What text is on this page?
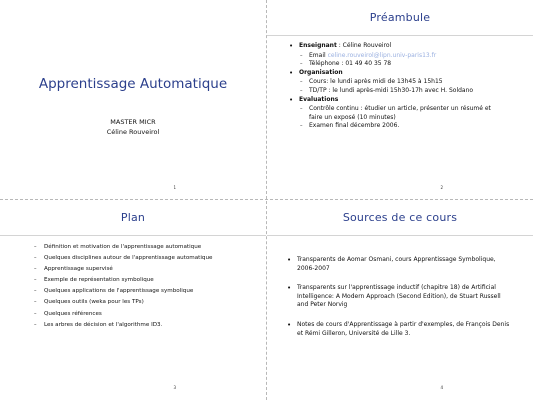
Apprentissage Automatique
MASTER MICR
Céline Rouveirol
1
Préambule
• Enseignant : Céline Rouveirol
– Email celine.rouveirol@lipn.univ-paris13.fr
– Téléphone : 01 49 40 35 78
• Organisation
– Cours: le lundi après midi de 13h45 à 15h15
– TD/TP : le lundi après-midi 15h30-17h avec H. Soldano
• Evaluations
– Contrôle continu : étudier un article, présenter un résumé et
faire un exposé (10 minutes)
– Examen final décembre 2006.
2
Plan
– Définition et motivation de l'apprentissage automatique
– Quelques disciplines autour de l'apprentissage automatique
– Apprentissage supervisé
– Exemple de représentation symbolique
– Quelques applications de l'apprentissage symbolique
– Quelques outils (weka pour les TPs)
– Quelques références
– Les arbres de décision et l'algorithme ID3.
3
Sources de ce cours
• Transparents de Aomar Osmani, cours Apprentissage Symbolique, 2006-2007
• Transparents sur l'apprentissage inductif (chapitre 18) de Artificial Intelligence: A Modern Approach (Second Edition), de Stuart Russell and Peter Norvig
• Notes de cours d'Apprentissage à partir d'exemples, de François Denis et Rémi Gilleron, Université de Lille 3.
4
